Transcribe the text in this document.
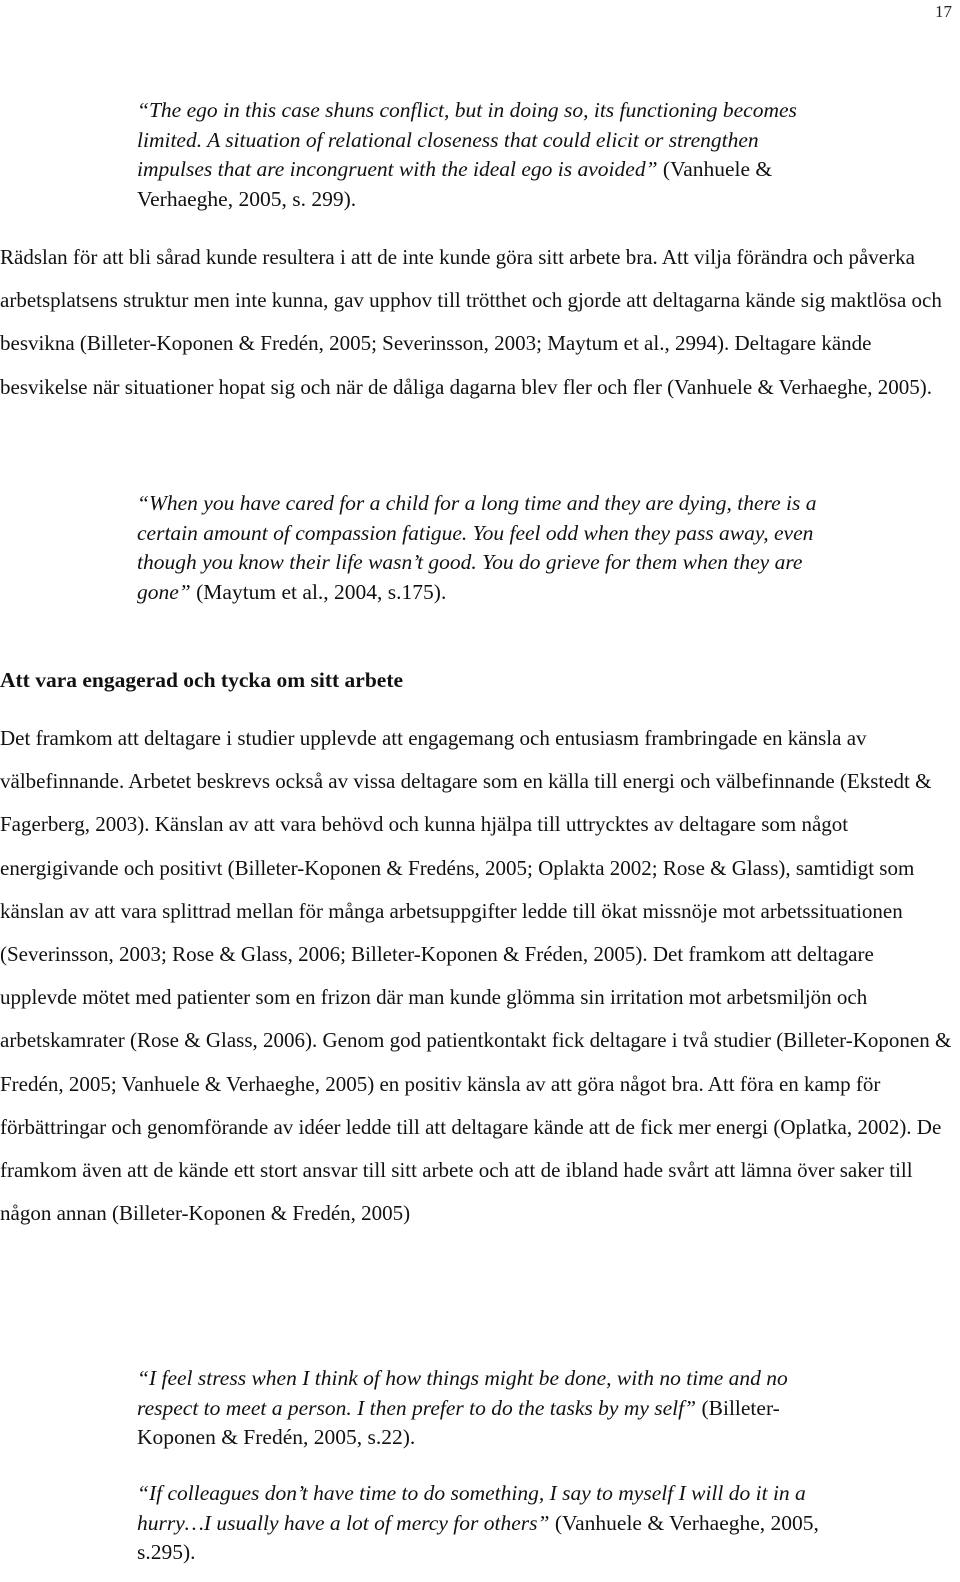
17

“The ego in this case shuns conflict, but in doing so, its functioning becomes limited. A situation of relational closeness that could elicit or strengthen impulses that are incongruent with the ideal ego is avoided” (Vanhuele & Verhaeghe, 2005, s. 299).

Rädslan för att bli sårad kunde resultera i att de inte kunde göra sitt arbete bra. Att vilja förändra och påverka arbetsplatsens struktur men inte kunna, gav upphov till trötthet och gjorde att deltagarna kände sig maktlösa och besvikna (Billeter-Koponen & Fredén, 2005; Severinsson, 2003; Maytum et al., 2994). Deltagare kände besvikelse när situationer hopat sig och när de dåliga dagarna blev fler och fler (Vanhuele & Verhaeghe, 2005).

“When you have cared for a child for a long time and they are dying, there is a certain amount of compassion fatigue. You feel odd when they pass away, even though you know their life wasn’t good. You do grieve for them when they are gone” (Maytum et al., 2004, s.175).

Att vara engagerad och tycka om sitt arbete

Det framkom att deltagare i studier upplevde att engagemang och entusiasm frambringade en känsla av välbefinnande. Arbetet beskrevs också av vissa deltagare som en källa till energi och välbefinnande (Ekstedt & Fagerberg, 2003). Känslan av att vara behövd och kunna hjälpa till uttrycktes av deltagare som något energigivande och positivt (Billeter-Koponen & Fredéns, 2005; Oplakta 2002; Rose & Glass), samtidigt som känslan av att vara splittrad mellan för många arbetsuppgifter ledde till ökat missnöje mot arbetssituationen (Severinsson, 2003; Rose & Glass, 2006; Billeter-Koponen & Fréden, 2005). Det framkom att deltagare upplevde mötet med patienter som en frizon där man kunde glömma sin irritation mot arbetsmiljön och arbetskamrater (Rose & Glass, 2006). Genom god patientkontakt fick deltagare i två studier (Billeter-Koponen & Fredén, 2005; Vanhuele & Verhaeghe, 2005) en positiv känsla av att göra något bra. Att föra en kamp för förbättringar och genomförande av idéer ledde till att deltagare kände att de fick mer energi (Oplatka, 2002). De framkom även att de kände ett stort ansvar till sitt arbete och att de ibland hade svårt att lämna över saker till någon annan (Billeter-Koponen & Fredén, 2005)

“I feel stress when I think of how things might be done, with no time and no respect to meet a person. I then prefer to do the tasks by my self” (Billeter-Koponen & Fredén, 2005, s.22).

“If colleagues don’t have time to do something, I say to myself I will do it in a hurry…I usually have a lot of mercy for others” (Vanhuele & Verhaeghe, 2005, s.295).
